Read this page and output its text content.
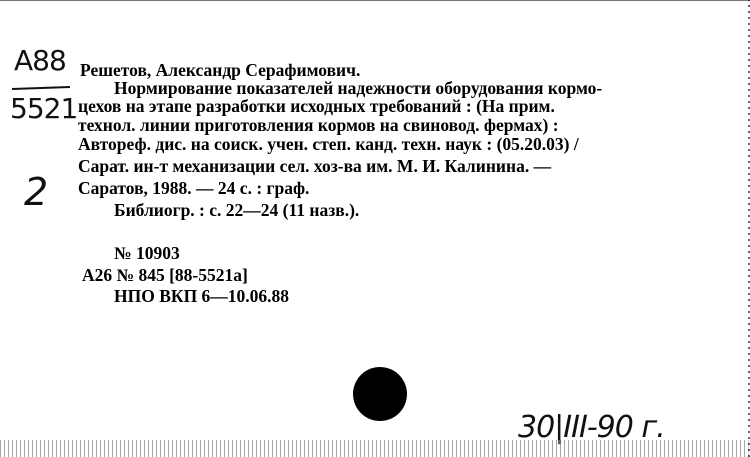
А88
5521
2
Решетов, Александр Серафимович.
Нормирование показателей надежности оборудования кормо-
цехов на этапе разработки исходных требований : (На прим.
технол. линии приготовления кормов на свиновод. фермах) :
Автореф. дис. на соиск. учен. степ. канд. техн. наук : (05.20.03) /
Сарат. ин-т механизации сел. хоз-ва им. М. И. Калинина. —
Саратов, 1988. — 24 с. : граф.
Библиогр. : с. 22—24 (11 назв.).
№ 10903
А26 № 845 [88-5521а]
НПО ВКП 6—10.06.88
30|III-90 г.
